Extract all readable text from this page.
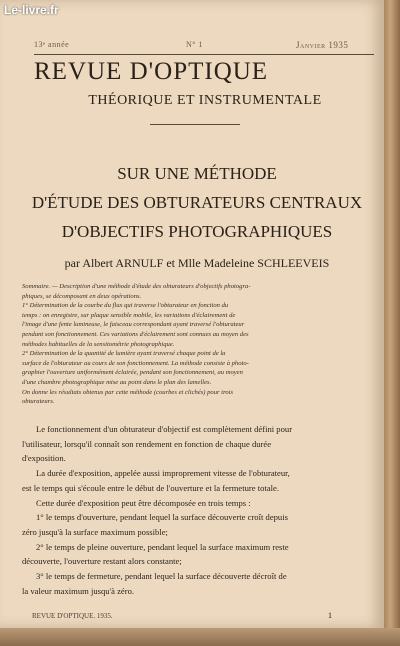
13ᵉ année	N° 1	Janvier 1935
REVUE D'OPTIQUE
THÉORIQUE ET INSTRUMENTALE
SUR UNE MÉTHODE
D'ÉTUDE DES OBTURATEURS CENTRAUX
D'OBJECTIFS PHOTOGRAPHIQUES
par Albert ARNULF et Mlle Madeleine SCHLEEVEIS

Sommaire. — Description d'une méthode d'étude des obturateurs d'objectifs photogra-

phiques, se décomposant en deux opérations.

1° Détermination de la courbe du flux qui traverse l'obturateur en fonction du

temps : on enregistre, sur plaque sensible mobile, les variations d'éclairement de

l'image d'une fente lumineuse, le faisceau correspondant ayant traversé l'obturateur

pendant son fonctionnement. Ces variations d'éclairement sont connues au moyen des

méthodes habituelles de la sensitométrie photographique.

2° Détermination de la quantité de lumière ayant traversé chaque point de la

surface de l'obturateur au cours de son fonctionnement. La méthode consiste à photo-

graphier l'ouverture uniformément éclairée, pendant son fonctionnement, au moyen

d'une chambre photographique mise au point dans le plan des lamelles.

On donne les résultats obtenus par cette méthode (courbes et clichés) pour trois

obturateurs.

Le fonctionnement d'un obturateur d'objectif est complètement défini pour

l'utilisateur, lorsqu'il connaît son rendement en fonction de chaque durée

d'exposition.

La durée d'exposition, appelée aussi improprement vitesse de l'obturateur,

est le temps qui s'écoule entre le début de l'ouverture et la fermeture totale.

Cette durée d'exposition peut être décomposée en trois temps :

1° le temps d'ouverture, pendant lequel la surface découverte croît depuis

zéro jusqu'à la surface maximum possible;

2° le temps de pleine ouverture, pendant lequel la surface maximum reste

découverte, l'ouverture restant alors constante;

3° le temps de fermeture, pendant lequel la surface découverte décroît de

la valeur maximum jusqu'à zéro.

REVUE D'OPTIQUE. 1935.	1
Le-livre.fr
